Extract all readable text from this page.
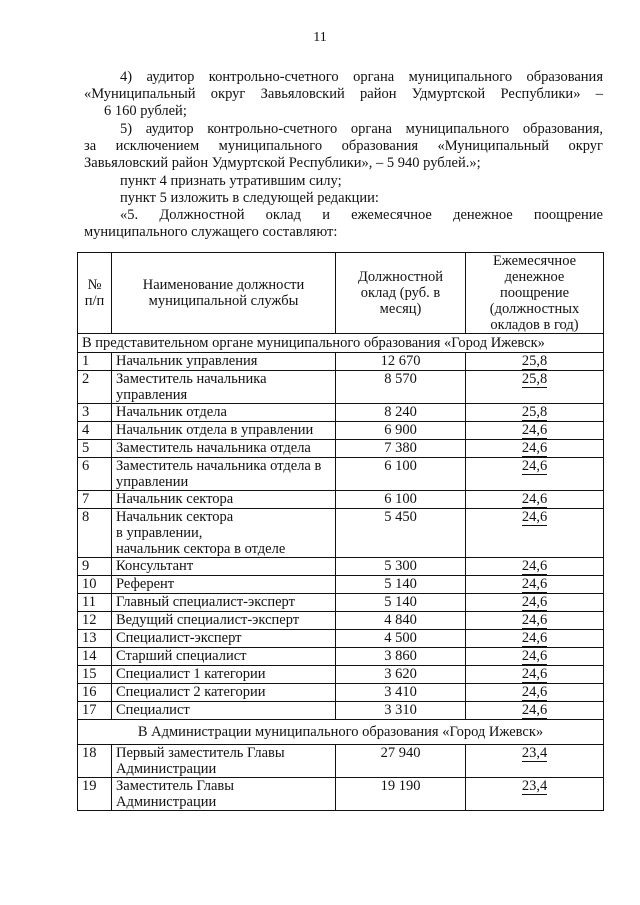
11
4) аудитор контрольно-счетного органа муниципального образования
«Муниципальный округ Завьяловский район Удмуртской Республики» –
6 160 рублей;
5) аудитор контрольно-счетного органа муниципального образования,
за исключением муниципального образования «Муниципальный округ
Завьяловский район Удмуртской Республики», – 5 940 рублей.»;
пункт 4 признать утратившим силу;
пункт 5 изложить в следующей редакции:
«5. Должностной оклад и ежемесячное денежное поощрение
муниципального служащего составляют:
№ п/п	Наименование должности муниципальной службы	Должностной оклад (руб. в месяц)	Ежемесячное денежное поощрение (должностных окладов в год)
В представительном органе муниципального образования «Город Ижевск»			
1	Начальник управления	12 670	25,8
2	Заместитель начальника управления	8 570	25,8
3	Начальник отдела	8 240	25,8
4	Начальник отдела в управлении	6 900	24,6
5	Заместитель начальника отдела	7 380	24,6
6	Заместитель начальника отдела в управлении	6 100	24,6
7	Начальник сектора	6 100	24,6
8	Начальник сектора
в управлении,
начальник сектора в отделе	5 450	24,6
9	Консультант	5 300	24,6
10	Референт	5 140	24,6
11	Главный специалист-эксперт	5 140	24,6
12	Ведущий специалист-эксперт	4 840	24,6
13	Специалист-эксперт	4 500	24,6
14	Старший специалист	3 860	24,6
15	Специалист 1 категории	3 620	24,6
16	Специалист 2 категории	3 410	24,6
17	Специалист	3 310	24,6
В Администрации муниципального образования «Город Ижевск»			
18	Первый заместитель Главы Администрации	27 940	23,4
19	Заместитель Главы Администрации	19 190	23,4
